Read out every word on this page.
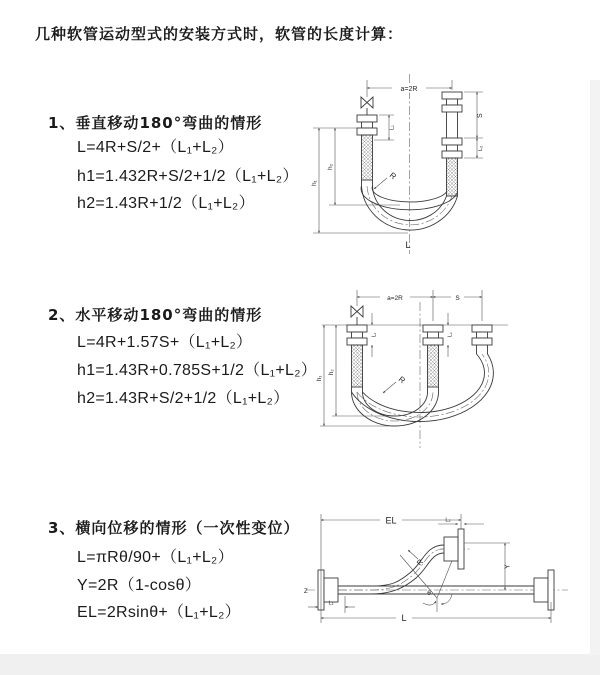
几种软管运动型式的安装方式时，软管的长度计算：
1、垂直移动180°弯曲的情形
L=4R+S/2+（L₁+L₂）
h1=1.432R+S/2+1/2（L₁+L₂）
h2=1.43R+1/2（L₁+L₂）
2、水平移动180°弯曲的情形
L=4R+1.57S+（L₁+L₂）
h1=1.43R+0.785S+1/2（L₁+L₂）
h2=1.43R+S/2+1/2（L₁+L₂）
3、横向位移的情形（一次性变位）
L=πRθ/90+（L₁+L₂）
Y=2R（1-cosθ）
EL=2Rsinθ+（L₁+L₂）
a=2R
h₁
h₂
L₁
S
L₂
R
L
a=2R	S
h₁
h₂
L₁	L₂
R
θ
R
EL	L₂
Y
L₁
L
Z
